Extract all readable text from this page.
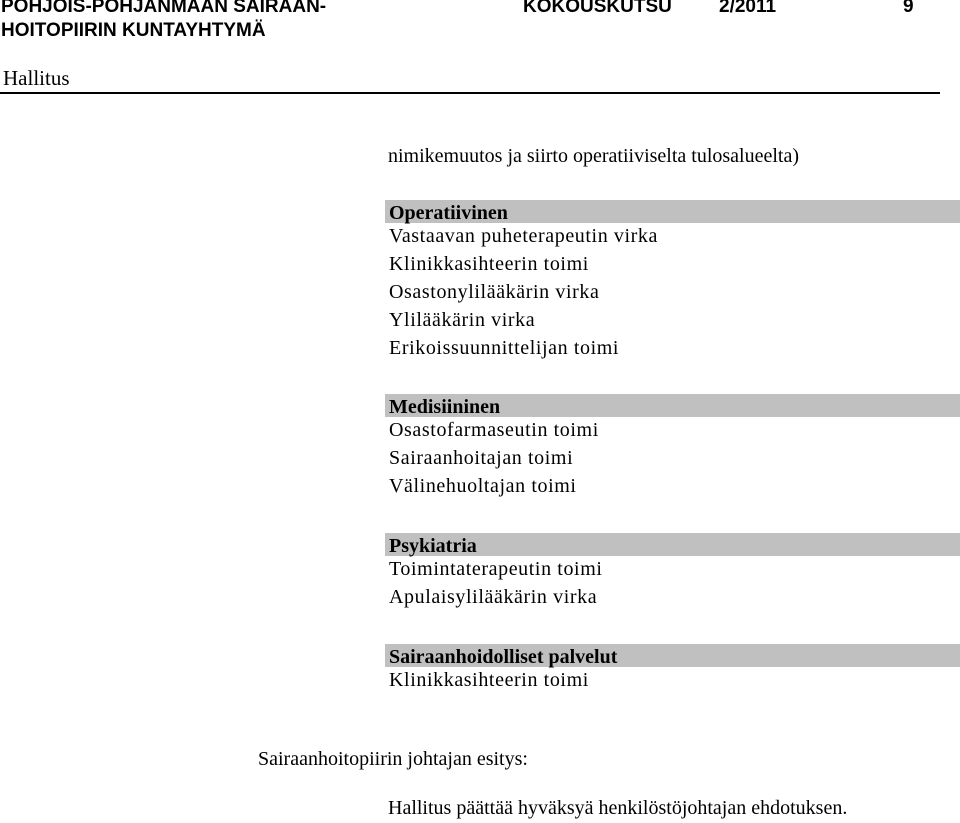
POHJOIS-POHJANMAAN SAIRAAN-
HOITOPIIRIN KUNTAYHTYMÄ
KOKOUSKUTSU 2/2011	9
Hallitus
nimikemuutos ja siirto operatiiviselta tulosalueelta)
Operatiivinen
Vastaavan puheterapeutin virka
Klinikkasihteerin toimi
Osastonylilääkärin virka
Ylilääkärin virka
Erikoissuunnittelijan toimi
Medisiininen
Osastofarmaseutin toimi
Sairaanhoitajan toimi
Välinehuoltajan toimi
Psykiatria
Toimintaterapeutin toimi
Apulaisylilääkärin virka
Sairaanhoidolliset palvelut
Klinikkasihteerin toimi
Sairaanhoitopiirin johtajan esitys:
Hallitus päättää hyväksyä henkilöstöjohtajan ehdotuksen.
